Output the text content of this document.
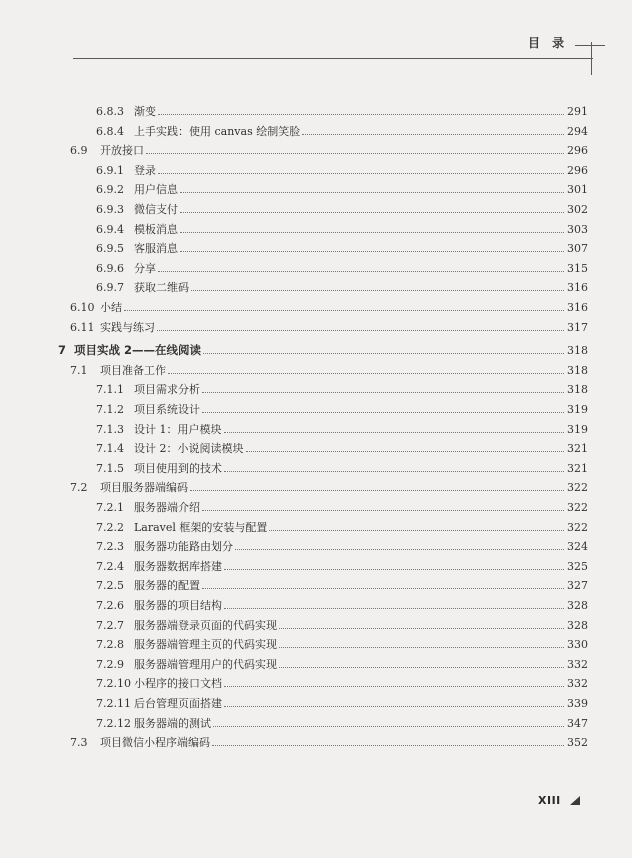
目 录
6.8.3 渐变	291
6.8.4 上手实践：使用 canvas 绘制笑脸	294
6.9	开放接口	296
6.9.1 登录	296
6.9.2 用户信息	301
6.9.3 微信支付	302
6.9.4 模板消息	303
6.9.5 客服消息	307
6.9.6 分享	315
6.9.7 获取二维码	316
6.10 小结	316
6.11 实践与练习	317
7 项目实战 2——在线阅读	318
7.1	项目准备工作	318
7.1.1 项目需求分析	318
7.1.2 项目系统设计	319
7.1.3 设计 1：用户模块	319
7.1.4 设计 2：小说阅读模块	321
7.1.5 项目使用到的技术	321
7.2	项目服务器端编码	322
7.2.1 服务器端介绍	322
7.2.2 Laravel 框架的安装与配置	322
7.2.3 服务器功能路由划分	324
7.2.4 服务器数据库搭建	325
7.2.5 服务器的配置	327
7.2.6 服务器的项目结构	328
7.2.7 服务器端登录页面的代码实现	328
7.2.8 服务器端管理主页的代码实现	330
7.2.9 服务器端管理用户的代码实现	332
7.2.10 小程序的接口文档	332
7.2.11 后台管理页面搭建	339
7.2.12 服务器端的测试	347
7.3	项目微信小程序端编码	352
XIII
